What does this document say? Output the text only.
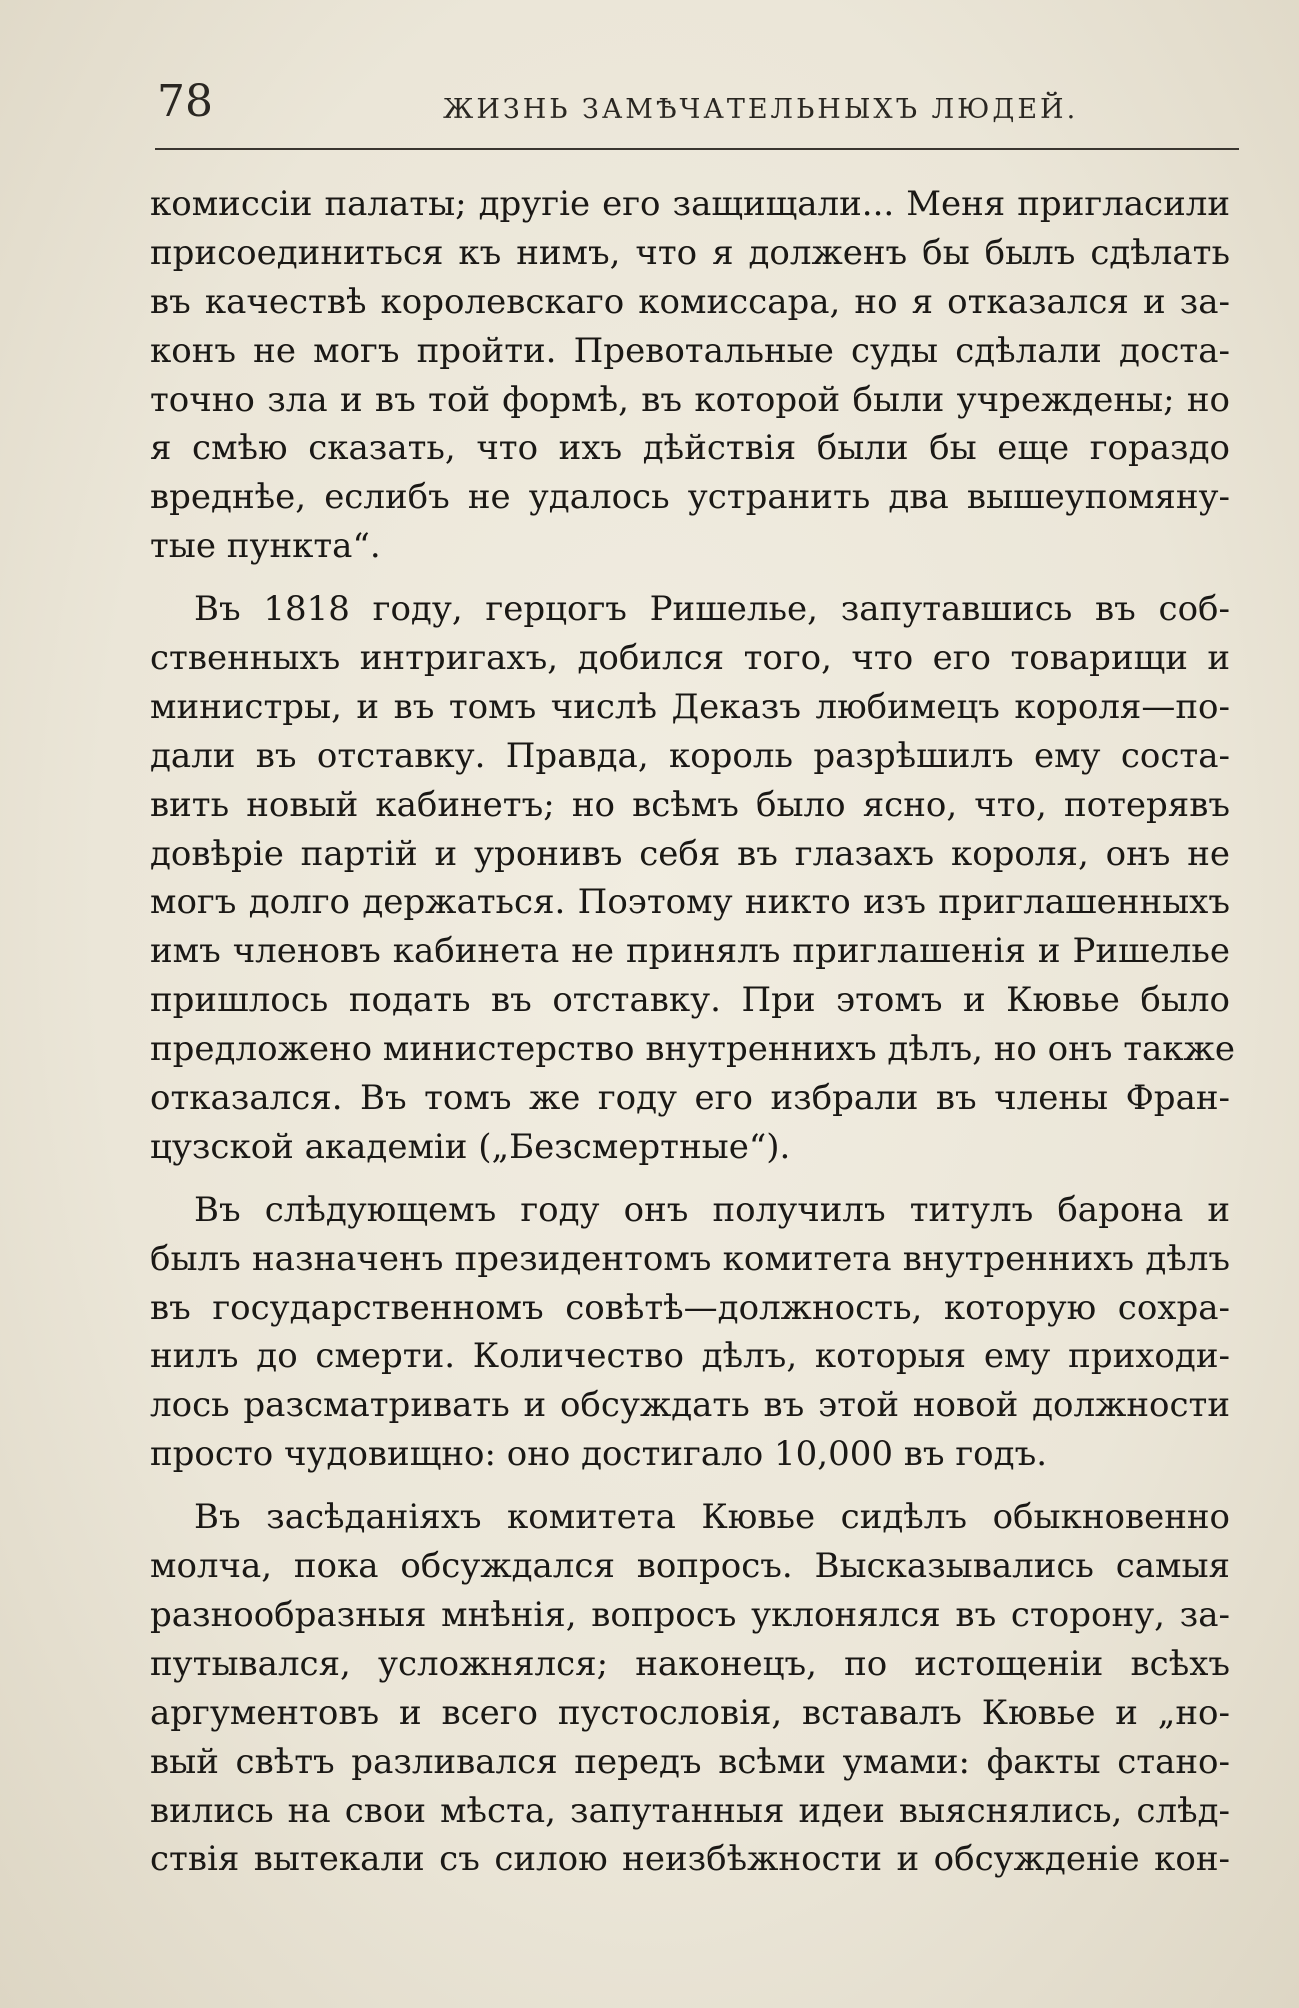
78	ЖИЗНЬ ЗАМѢЧАТЕЛЬНЫХЪ ЛЮДЕЙ.
комиссіи палаты; другіе его защищали... Меня пригласили
присоединиться къ нимъ, что я долженъ бы былъ сдѣлать
въ качествѣ королевскаго комиссара, но я отказался и за-
конъ не могъ пройти. Превотальные суды сдѣлали доста-
точно зла и въ той формѣ, въ которой были учреждены; но
я смѣю сказать, что ихъ дѣйствія были бы еще гораздо
вреднѣе, еслибъ не удалось устранить два вышеупомяну-
тые пункта“.
Въ 1818 году, герцогъ Ришелье, запутавшись въ соб-
ственныхъ интригахъ, добился того, что его товарищи и
министры, и въ томъ числѣ Деказъ любимецъ короля—по-
дали въ отставку. Правда, король разрѣшилъ ему соста-
вить новый кабинетъ; но всѣмъ было ясно, что, потерявъ
довѣріе партій и уронивъ себя въ глазахъ короля, онъ не
могъ долго держаться. Поэтому никто изъ приглашенныхъ
имъ членовъ кабинета не принялъ приглашенія и Ришелье
пришлось подать въ отставку. При этомъ и Кювье было
предложено министерство внутреннихъ дѣлъ, но онъ также
отказался. Въ томъ же году его избрали въ члены Фран-
цузской академіи („Безсмертные“).
Въ слѣдующемъ году онъ получилъ титулъ барона и
былъ назначенъ президентомъ комитета внутреннихъ дѣлъ
въ государственномъ совѣтѣ—должность, которую сохра-
нилъ до смерти. Количество дѣлъ, которыя ему приходи-
лось разсматривать и обсуждать въ этой новой должности
просто чудовищно: оно достигало 10,000 въ годъ.
Въ засѣданіяхъ комитета Кювье сидѣлъ обыкновенно
молча, пока обсуждался вопросъ. Высказывались самыя
разнообразныя мнѣнія, вопросъ уклонялся въ сторону, за-
путывался, усложнялся; наконецъ, по истощеніи всѣхъ
аргументовъ и всего пустословія, вставалъ Кювье и „но-
вый свѣтъ разливался передъ всѣми умами: факты стано-
вились на свои мѣста, запутанныя идеи выяснялись, слѣд-
ствія вытекали съ силою неизбѣжности и обсужденіе кон-
